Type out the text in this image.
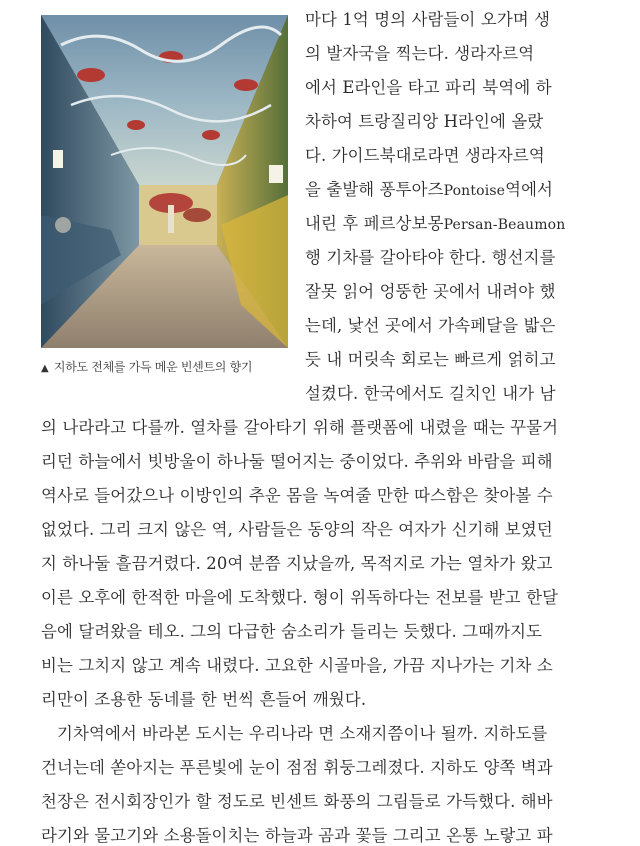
▲ 지하도 전체를 가득 메운 빈센트의 향기
마다 1억 명의 사람들이 오가며 생
의 발자국을 찍는다. 생라자르역
에서 E라인을 타고 파리 북역에 하
차하여 트랑질리앙 H라인에 올랐
다. 가이드북대로라면 생라자르역
을 출발해 퐁투아즈Pontoise역에서
내린 후 페르상보몽Persan-Beaumon
행 기차를 갈아타야 한다. 행선지를
잘못 읽어 엉뚱한 곳에서 내려야 했
는데, 낯선 곳에서 가속페달을 밟은
듯 내 머릿속 회로는 빠르게 얽히고
설켰다. 한국에서도 길치인 내가 남
의 나라라고 다를까. 열차를 갈아타기 위해 플랫폼에 내렸을 때는 꾸물거
리던 하늘에서 빗방울이 하나둘 떨어지는 중이었다. 추위와 바람을 피해
역사로 들어갔으나 이방인의 추운 몸을 녹여줄 만한 따스함은 찾아볼 수
없었다. 그리 크지 않은 역, 사람들은 동양의 작은 여자가 신기해 보였던
지 하나둘 흘끔거렸다. 20여 분쯤 지났을까, 목적지로 가는 열차가 왔고
이른 오후에 한적한 마을에 도착했다. 형이 위독하다는 전보를 받고 한달
음에 달려왔을 테오. 그의 다급한 숨소리가 들리는 듯했다. 그때까지도
비는 그치지 않고 계속 내렸다. 고요한 시골마을, 가끔 지나가는 기차 소
리만이 조용한 동네를 한 번씩 흔들어 깨웠다.
기차역에서 바라본 도시는 우리나라 면 소재지쯤이나 될까. 지하도를
건너는데 쏟아지는 푸른빛에 눈이 점점 휘둥그레졌다. 지하도 양쪽 벽과
천장은 전시회장인가 할 정도로 빈센트 화풍의 그림들로 가득했다. 해바
라기와 물고기와 소용돌이치는 하늘과 곰과 꽃들 그리고 온통 노랗고 파
